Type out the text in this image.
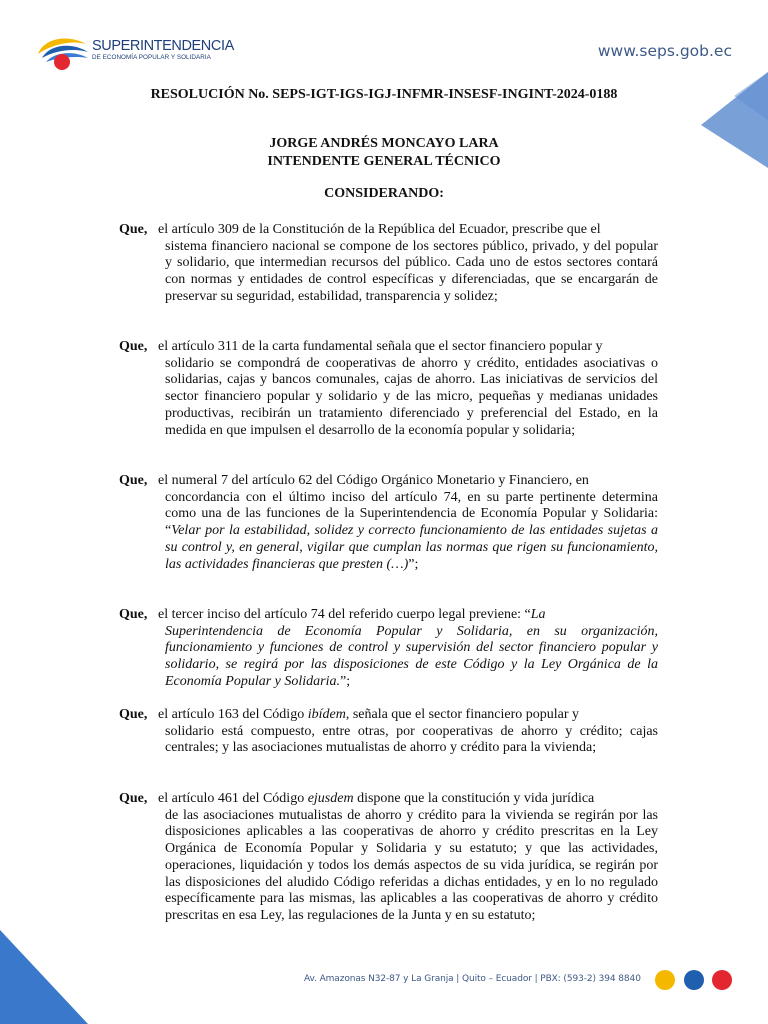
SUPERINTENDENCIA
DE ECONOMÍA POPULAR Y SOLIDARIA	www.seps.gob.ec
RESOLUCIÓN No. SEPS-IGT-IGS-IGJ-INFMR-INSESF-INGINT-2024-0188
JORGE ANDRÉS MONCAYO LARA
INTENDENTE GENERAL TÉCNICO
CONSIDERANDO:
Que, el artículo 309 de la Constitución de la República del Ecuador, prescribe que el
sistema financiero nacional se compone de los sectores público, privado, y del popular y solidario, que intermedian recursos del público. Cada uno de estos sectores contará con normas y entidades de control específicas y diferenciadas, que se encargarán de preservar su seguridad, estabilidad, transparencia y solidez;
Que, el artículo 311 de la carta fundamental señala que el sector financiero popular y
solidario se compondrá de cooperativas de ahorro y crédito, entidades asociativas o solidarias, cajas y bancos comunales, cajas de ahorro. Las iniciativas de servicios del sector financiero popular y solidario y de las micro, pequeñas y medianas unidades productivas, recibirán un tratamiento diferenciado y preferencial del Estado, en la medida en que impulsen el desarrollo de la economía popular y solidaria;
Que, el numeral 7 del artículo 62 del Código Orgánico Monetario y Financiero, en
concordancia con el último inciso del artículo 74, en su parte pertinente determina como una de las funciones de la Superintendencia de Economía Popular y Solidaria: “Velar por la estabilidad, solidez y correcto funcionamiento de las entidades sujetas a su control y, en general, vigilar que cumplan las normas que rigen su funcionamiento, las actividades financieras que presten (…)”;
Que, el tercer inciso del artículo 74 del referido cuerpo legal previene: “La
Superintendencia de Economía Popular y Solidaria, en su organización, funcionamiento y funciones de control y supervisión del sector financiero popular y solidario, se regirá por las disposiciones de este Código y la Ley Orgánica de la Economía Popular y Solidaria.”;
Que, el artículo 163 del Código ibídem, señala que el sector financiero popular y
solidario está compuesto, entre otras, por cooperativas de ahorro y crédito; cajas centrales; y las asociaciones mutualistas de ahorro y crédito para la vivienda;
Que, el artículo 461 del Código ejusdem dispone que la constitución y vida jurídica
de las asociaciones mutualistas de ahorro y crédito para la vivienda se regirán por las disposiciones aplicables a las cooperativas de ahorro y crédito prescritas en la Ley Orgánica de Economía Popular y Solidaria y su estatuto; y que las actividades, operaciones, liquidación y todos los demás aspectos de su vida jurídica, se regirán por las disposiciones del aludido Código referidas a dichas entidades, y en lo no regulado específicamente para las mismas, las aplicables a las cooperativas de ahorro y crédito prescritas en esa Ley, las regulaciones de la Junta y en su estatuto;
Av. Amazonas N32-87 y La Granja | Quito – Ecuador | PBX: (593-2) 394 8840
